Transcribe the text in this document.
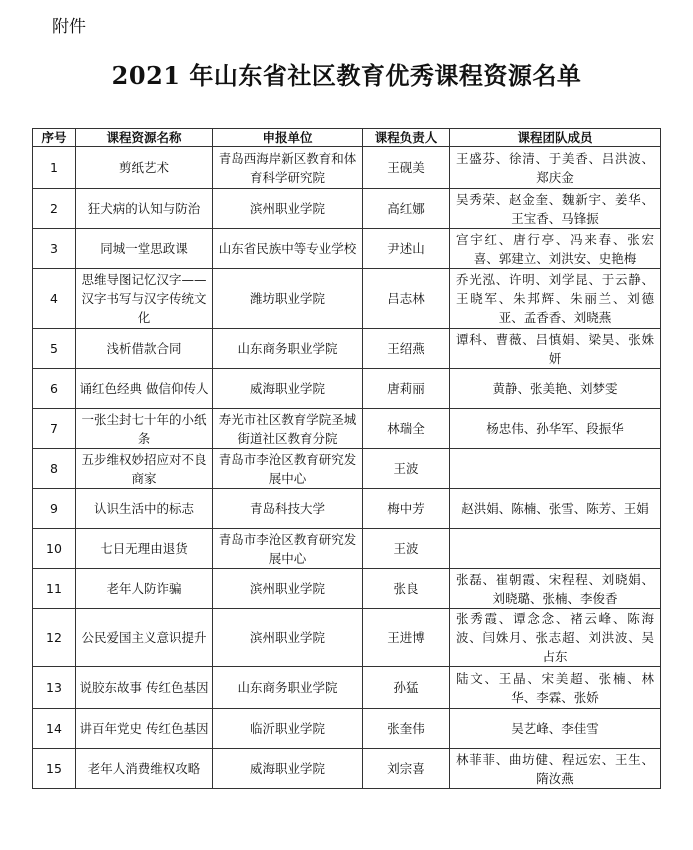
附件
2021 年山东省社区教育优秀课程资源名单
序号	课程资源名称	申报单位	课程负责人	课程团队成员
1	剪纸艺术	青岛西海岸新区教育和体育科学研究院	王砚美	王盛芬、徐清、于美香、吕洪波、郑庆金
2	狂犬病的认知与防治	滨州职业学院	高红娜	吴秀荣、赵金奎、魏新宇、姜华、王宝香、马锋振
3	同城一堂思政课	山东省民族中等专业学校	尹述山	宫宇红、唐行亭、冯来春、张宏喜、郭建立、刘洪安、史艳梅
4	思维导图记忆汉字——汉字书写与汉字传统文化	潍坊职业学院	吕志林	乔光泓、许明、刘学昆、于云静、王晓军、朱邦辉、朱丽兰、刘德亚、孟香香、刘晓燕
5	浅析借款合同	山东商务职业学院	王绍燕	谭科、曹薇、吕慎娟、梁昊、张姝妍
6	诵红色经典 做信仰传人	威海职业学院	唐莉丽	黄静、张美艳、刘梦雯
7	一张尘封七十年的小纸条	寿光市社区教育学院圣城街道社区教育分院	林瑞全	杨忠伟、孙华军、段振华
8	五步维权妙招应对不良商家	青岛市李沧区教育研究发展中心	王波	
9	认识生活中的标志	青岛科技大学	梅中芳	赵洪娟、陈楠、张雪、陈芳、王娟
10	七日无理由退货	青岛市李沧区教育研究发展中心	王波	
11	老年人防诈骗	滨州职业学院	张良	张磊、崔朝霞、宋程程、刘晓娟、刘晓璐、张楠、李俊香
12	公民爱国主义意识提升	滨州职业学院	王进博	张秀霞、谭念念、褚云峰、陈海波、闫姝月、张志超、刘洪波、吴占东
13	说胶东故事 传红色基因	山东商务职业学院	孙猛	陆文、王晶、宋美超、张楠、林华、李霖、张娇
14	讲百年党史 传红色基因	临沂职业学院	张奎伟	吴艺峰、李佳雪
15	老年人消费维权攻略	威海职业学院	刘宗喜	林菲菲、曲坊健、程远宏、王生、隋汝燕
